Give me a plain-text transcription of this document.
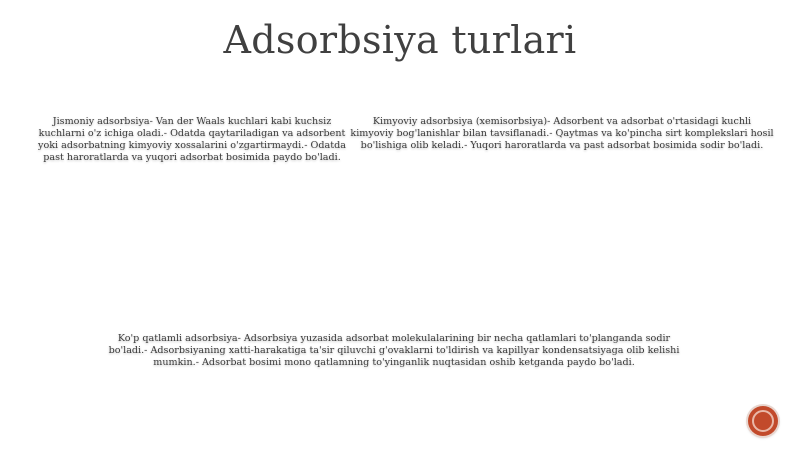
Adsorbsiya turlari

Jismoniy adsorbsiya- Van der Waals kuchlari kabi kuchsiz kuchlarni o'z ichiga oladi.- Odatda qaytariladigan va adsorbent yoki adsorbatning kimyoviy xossalarini o'zgartirmaydi.- Odatda past haroratlarda va yuqori adsorbat bosimida paydo bo'ladi.

Kimyoviy adsorbsiya (xemisorbsiya)- Adsorbent va adsorbat o'rtasidagi kuchli kimyoviy bog'lanishlar bilan tavsiflanadi.- Qaytmas va ko'pincha sirt komplekslari hosil bo'lishiga olib keladi.- Yuqori haroratlarda va past adsorbat bosimida sodir bo'ladi.

Ko'p qatlamli adsorbsiya- Adsorbsiya yuzasida adsorbat molekulalarining bir necha qatlamlari to'planganda sodir bo'ladi.- Adsorbsiyaning xatti-harakatiga ta'sir qiluvchi g'ovaklarni to'ldirish va kapillyar kondensatsiyaga olib kelishi mumkin.- Adsorbat bosimi mono qatlamning to'yinganlik nuqtasidan oshib ketganda paydo bo'ladi.
